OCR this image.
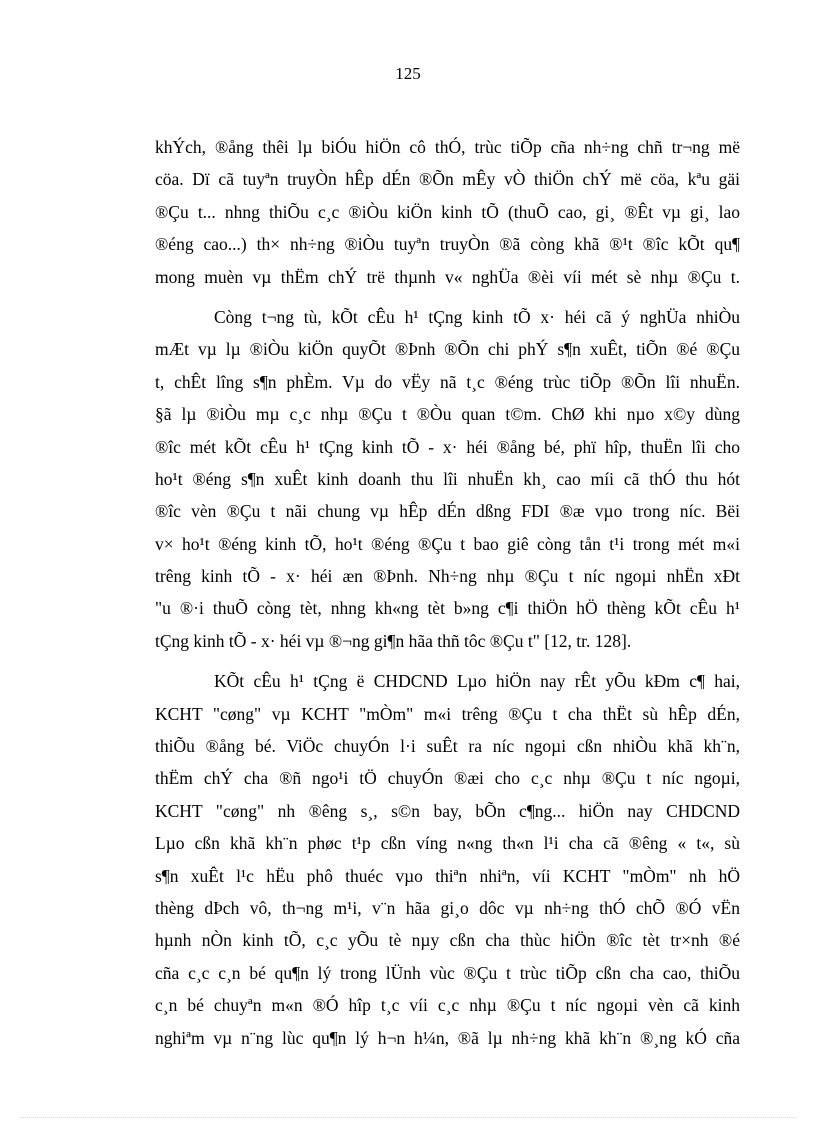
125

khÝch, ®ång thêi lµ biÓu hiÖn cô thÓ, trùc tiÕp cña nh÷ng chñ tr¬ng më
cöa. Dï cã tuyªn truyÒn hÊp dÉn ®Õn mÊy vÒ thiÖn chÝ më cöa, kªu gäi
®Çu t... nhng thiÕu c¸c ®iÒu kiÖn kinh tÕ (thuÕ cao, gi¸ ®Êt vµ gi¸ lao
®éng cao...) th× nh÷ng ®iÒu tuyªn truyÒn ®ã còng khã ®¹t ®îc kÕt qu¶
mong muèn vµ thËm chÝ trë thµnh v« nghÜa ®èi víi mét sè nhµ ®Çu t.

Còng t¬ng tù, kÕt cÊu h¹ tÇng kinh tÕ x· héi cã ý nghÜa nhiÒu
mÆt vµ lµ ®iÒu kiÖn quyÕt ®Þnh ®Õn chi phÝ s¶n xuÊt, tiÕn ®é ®Çu
t, chÊt lîng s¶n phÈm. Vµ do vËy nã t¸c ®éng trùc tiÕp ®Õn lîi nhuËn.
§ã lµ ®iÒu mµ c¸c nhµ ®Çu t ®Òu quan t©m. ChØ khi nµo x©y dùng
®îc mét kÕt cÊu h¹ tÇng kinh tÕ - x· héi ®ång bé, phï hîp, thuËn lîi cho
ho¹t ®éng s¶n xuÊt kinh doanh thu lîi nhuËn kh¸ cao míi cã thÓ thu hót
®îc vèn ®Çu t nãi chung vµ hÊp dÉn dßng FDI ®æ vµo trong níc. Bëi
v× ho¹t ®éng kinh tÕ, ho¹t ®éng ®Çu t bao giê còng tån t¹i trong mét m«i
trêng kinh tÕ - x· héi æn ®Þnh. Nh÷ng nhµ ®Çu t níc ngoµi nhËn xÐt
"u ®·i thuÕ còng tèt, nhng kh«ng tèt b»ng c¶i thiÖn hÖ thèng kÕt cÊu h¹
tÇng kinh tÕ - x· héi vµ ®¬ng gi¶n hãa thñ tôc ®Çu t" [12, tr. 128].

KÕt cÊu h¹ tÇng ë CHDCND Lµo hiÖn nay rÊt yÕu kÐm c¶ hai,
KCHT "cøng" vµ KCHT "mÒm" m«i trêng ®Çu t cha thËt sù hÊp dÉn,
thiÕu ®ång bé. ViÖc chuyÓn l·i suÊt ra níc ngoµi cßn nhiÒu khã kh¨n,
thËm chÝ cha ®ñ ngo¹i tÖ chuyÓn ®æi cho c¸c nhµ ®Çu t níc ngoµi,
KCHT "cøng" nh ®êng s¸, s©n bay, bÕn c¶ng... hiÖn nay CHDCND
Lµo cßn khã kh¨n phøc t¹p cßn víng n«ng th«n l¹i cha cã ®êng « t«, sù
s¶n xuÊt l¹c hËu phô thuéc vµo thiªn nhiªn, víi KCHT "mÒm" nh hÖ
thèng dÞch vô, th¬ng m¹i, v¨n hãa gi¸o dôc vµ nh÷ng thÓ chÕ ®Ó vËn
hµnh nÒn kinh tÕ, c¸c yÕu tè nµy cßn cha thùc hiÖn ®îc tèt tr×nh ®é
cña c¸c c¸n bé qu¶n lý trong lÜnh vùc ®Çu t trùc tiÕp cßn cha cao, thiÕu
c¸n bé chuyªn m«n ®Ó hîp t¸c víi c¸c nhµ ®Çu t níc ngoµi vèn cã kinh
nghiªm vµ n¨ng lùc qu¶n lý h¬n h¼n, ®ã lµ nh÷ng khã kh¨n ®¸ng kÓ cña
